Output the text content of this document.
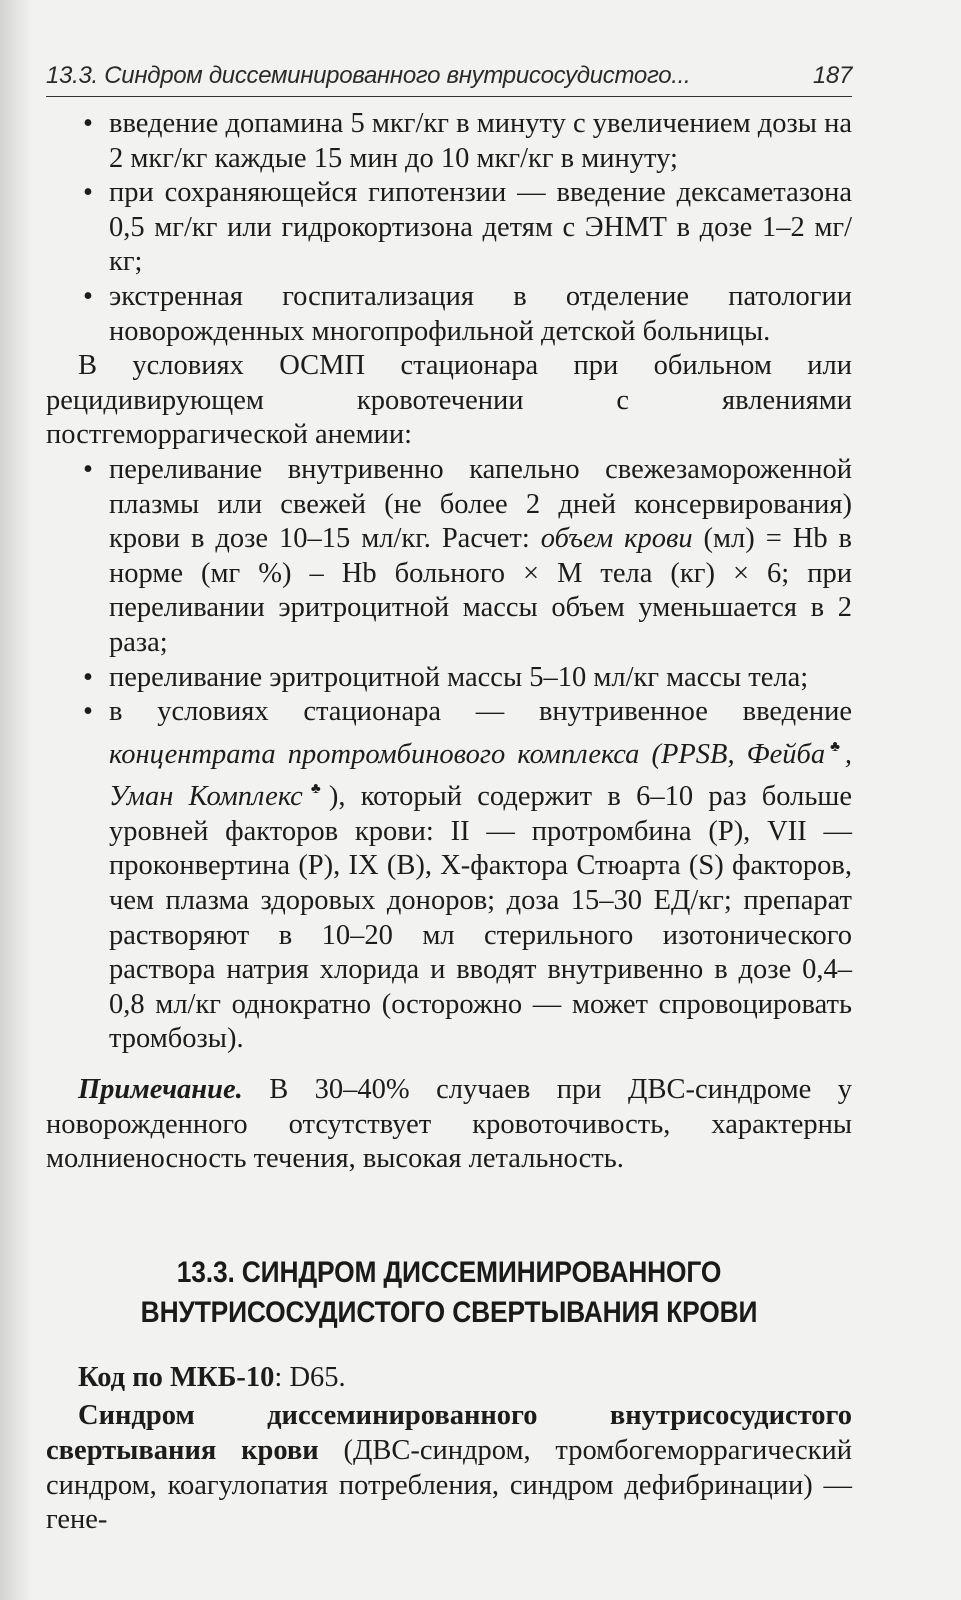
13.3. Синдром диссеминированного внутрисосудистого...	187
• введение допамина 5 мкг/кг в минуту с увеличением дозы на 2 мкг/кг каждые 15 мин до 10 мкг/кг в минуту;
• при сохраняющейся гипотензии — введение дексаметазона 0,5 мг/кг или гидрокортизона детям с ЭНМТ в дозе 1–2 мг/кг;
• экстренная госпитализация в отделение патологии новорожденных многопрофильной детской больницы.

В условиях ОСМП стационара при обильном или рецидивирующем кровотечении с явлениями постгеморрагической анемии:

• переливание внутривенно капельно свежезамороженной плазмы или свежей (не более 2 дней консервирования) крови в дозе 10–15 мл/кг. Расчет: объем крови (мл) = Hb в норме (мг %) – Hb больного × М тела (кг) × 6; при переливании эритроцитной массы объем уменьшается в 2 раза;
• переливание эритроцитной массы 5–10 мл/кг массы тела;
• в условиях стационара — внутривенное введение концентрата протромбинового комплекса (PPSB, Фейба♣, Уман Комплекс♣), который содержит в 6–10 раз больше уровней факторов крови: II — протромбина (P), VII — проконвертина (P), IX (B), X-фактора Стюарта (S) факторов, чем плазма здоровых доноров; доза 15–30 ЕД/кг; препарат растворяют в 10–20 мл стерильного изотонического раствора натрия хлорида и вводят внутривенно в дозе 0,4–0,8 мл/кг однократно (осторожно — может спровоцировать тромбозы).

Примечание. В 30–40% случаев при ДВС-синдроме у новорожденного отсутствует кровоточивость, характерны молниеносность течения, высокая летальность.

13.3. СИНДРОМ ДИССЕМИНИРОВАННОГО
ВНУТРИСОСУДИСТОГО СВЕРТЫВАНИЯ КРОВИ

Код по МКБ-10: D65.

Синдром диссеминированного внутрисосудистого свертывания крови (ДВС-синдром, тромбогеморрагический синдром, коагулопатия потребления, синдром дефибринации) — гене-
